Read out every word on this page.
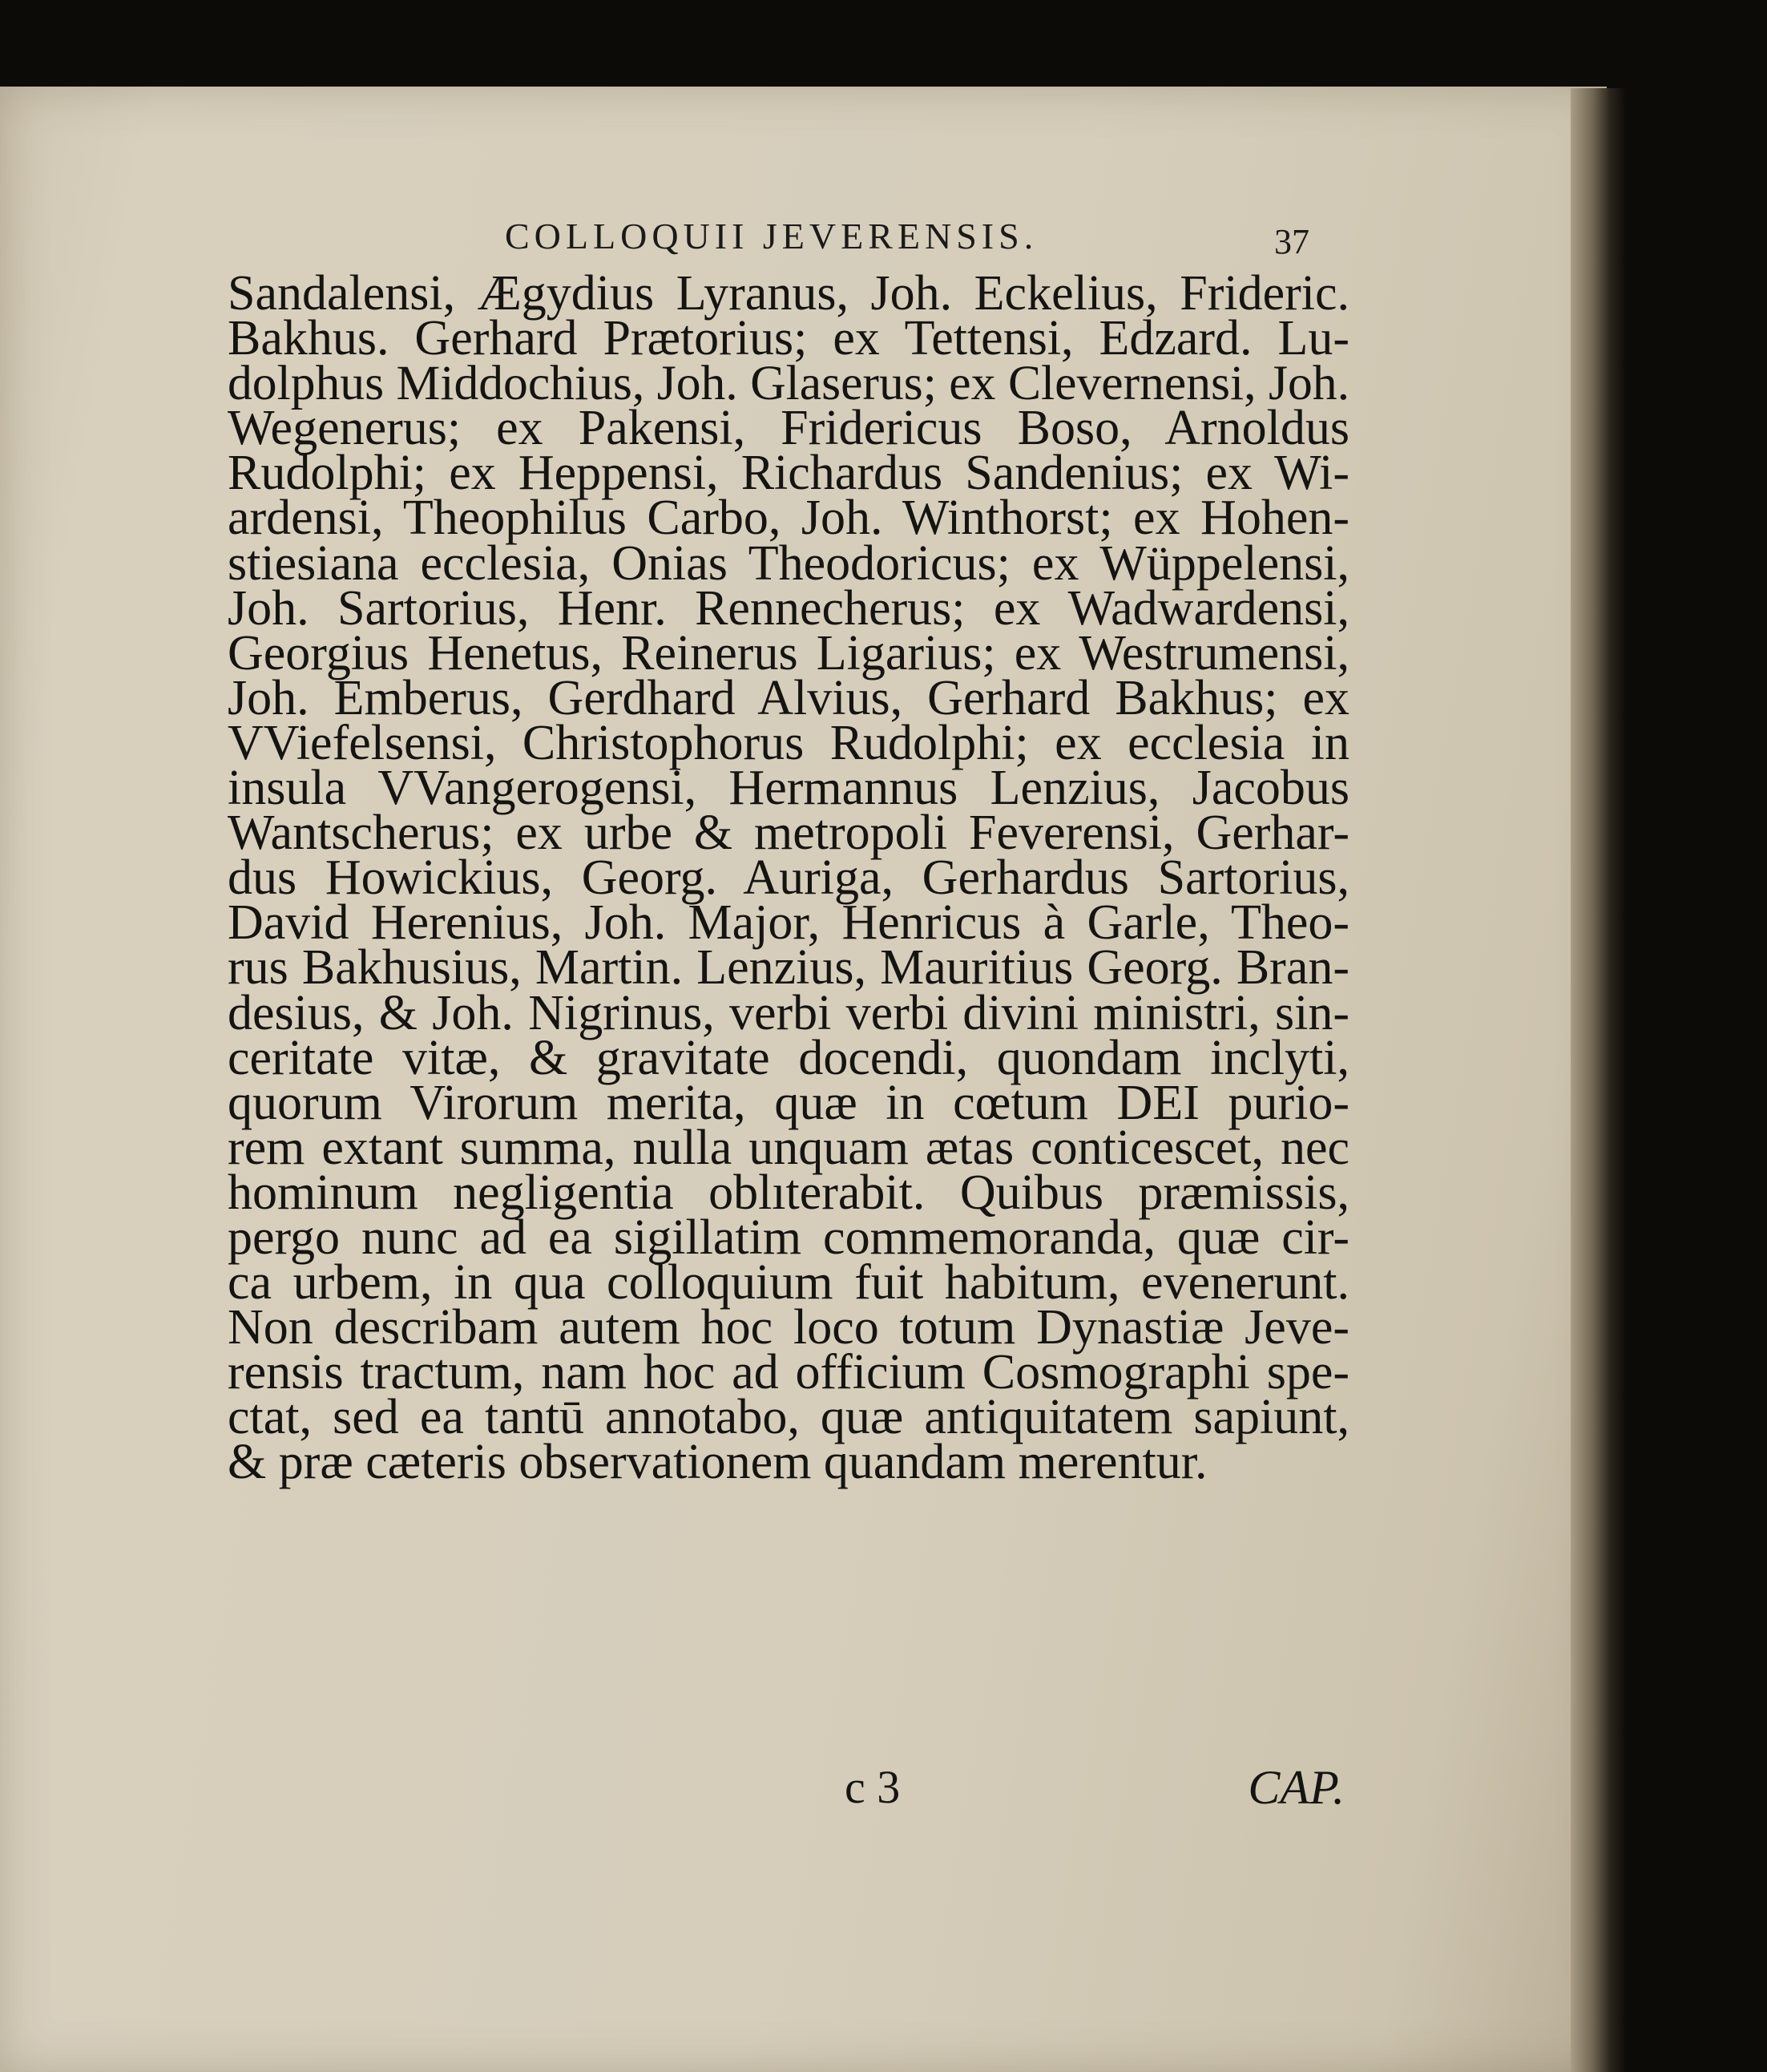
COLLOQUII JEVERENSIS.	37
Sandalensi, Ægydius Lyranus, Joh. Eckelius, Frideric.
Bakhus. Gerhard Prætorius; ex Tettensi, Edzard. Lu-
dolphus Middochius, Joh. Glaserus; ex Clevernensi, Joh.
Wegenerus; ex Pakensi, Fridericus Boso, Arnoldus
Rudolphi; ex Heppensi, Richardus Sandenius; ex Wi-
ardensi, Theophilus Carbo, Joh. Winthorst; ex Hohen-
stiesiana ecclesia, Onias Theodoricus; ex Wüppelensi,
Joh. Sartorius, Henr. Rennecherus; ex Wadwardensi,
Georgius Henetus, Reinerus Ligarius; ex Westrumensi,
Joh. Emberus, Gerdhard Alvius, Gerhard Bakhus; ex
VViefelsensi, Christophorus Rudolphi; ex ecclesia in
insula VVangerogensi, Hermannus Lenzius, Jacobus
Wantscherus; ex urbe & metropoli Feverensi, Gerhar-
dus Howickius, Georg. Auriga, Gerhardus Sartorius,
David Herenius, Joh. Major, Henricus à Garle, Theo-
rus Bakhusius, Martin. Lenzius, Mauritius Georg. Bran-
desius, & Joh. Nigrinus, verbi verbi divini ministri, sin-
ceritate vitæ, & gravitate docendi, quondam inclyti,
quorum Virorum merita, quæ in cœtum DEI purio-
rem extant summa, nulla unquam ætas conticescet, nec
hominum negligentia oblıterabit. Quibus præmissis,
pergo nunc ad ea sigillatim commemoranda, quæ cir-
ca urbem, in qua colloquium fuit habitum, evenerunt.
Non describam autem hoc loco totum Dynastiæ Jeve-
rensis tractum, nam hoc ad officium Cosmographi spe-
ctat, sed ea tantū annotabo, quæ antiquitatem sapiunt,
& præ cæteris observationem quandam merentur.
c 3	CAP.
